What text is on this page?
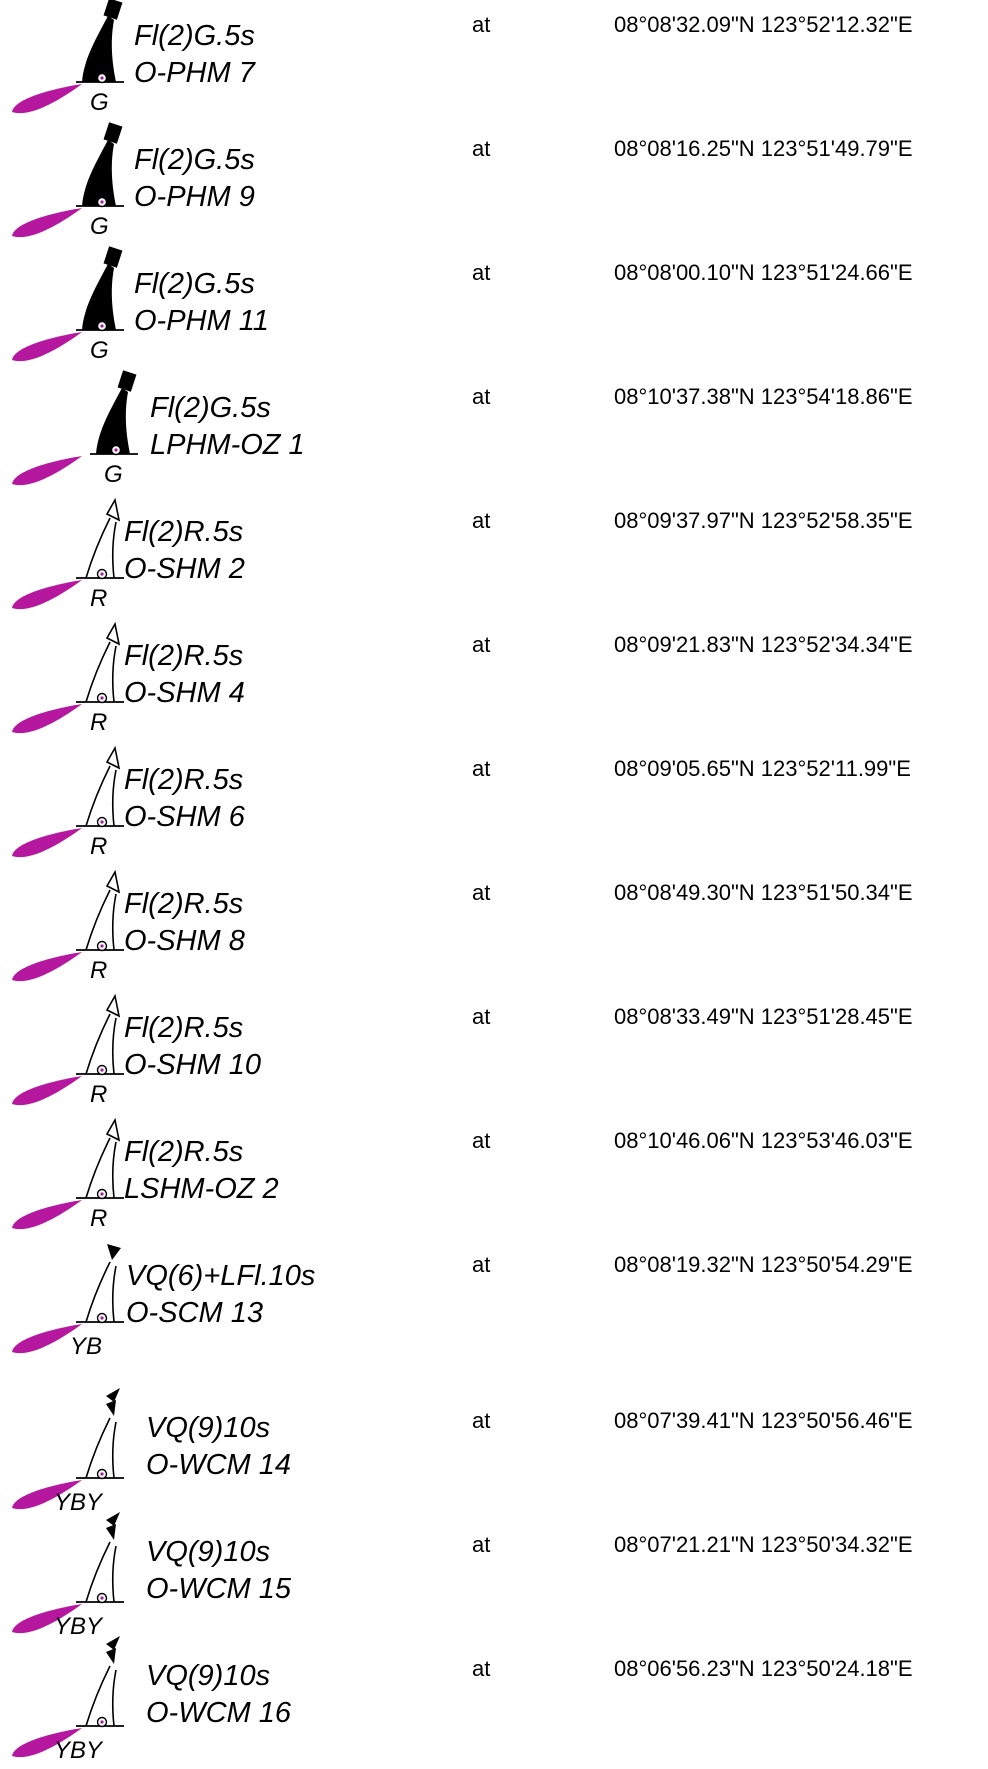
G
Fl(2)G.5s
O-PHM 7
at	08°08'32.09"N 123°52'12.32"E
G
Fl(2)G.5s
O-PHM 9
at	08°08'16.25"N 123°51'49.79"E
G
Fl(2)G.5s
O-PHM 11
at	08°08'00.10"N 123°51'24.66"E
G
Fl(2)G.5s
LPHM-OZ 1
at	08°10'37.38"N 123°54'18.86"E
R
Fl(2)R.5s
O-SHM 2
at	08°09'37.97"N 123°52'58.35"E
R
Fl(2)R.5s
O-SHM 4
at	08°09'21.83"N 123°52'34.34"E
R
Fl(2)R.5s
O-SHM 6
at	08°09'05.65"N 123°52'11.99"E
R
Fl(2)R.5s
O-SHM 8
at	08°08'49.30"N 123°51'50.34"E
R
Fl(2)R.5s
O-SHM 10
at	08°08'33.49"N 123°51'28.45"E
R
Fl(2)R.5s
LSHM-OZ 2
at	08°10'46.06"N 123°53'46.03"E
YB
VQ(6)+LFl.10s
O-SCM 13
at	08°08'19.32"N 123°50'54.29"E
YBY
VQ(9)10s
O-WCM 14
at	08°07'39.41"N 123°50'56.46"E
YBY
VQ(9)10s
O-WCM 15
at	08°07'21.21"N 123°50'34.32"E
YBY
VQ(9)10s
O-WCM 16
at	08°06'56.23"N 123°50'24.18"E
